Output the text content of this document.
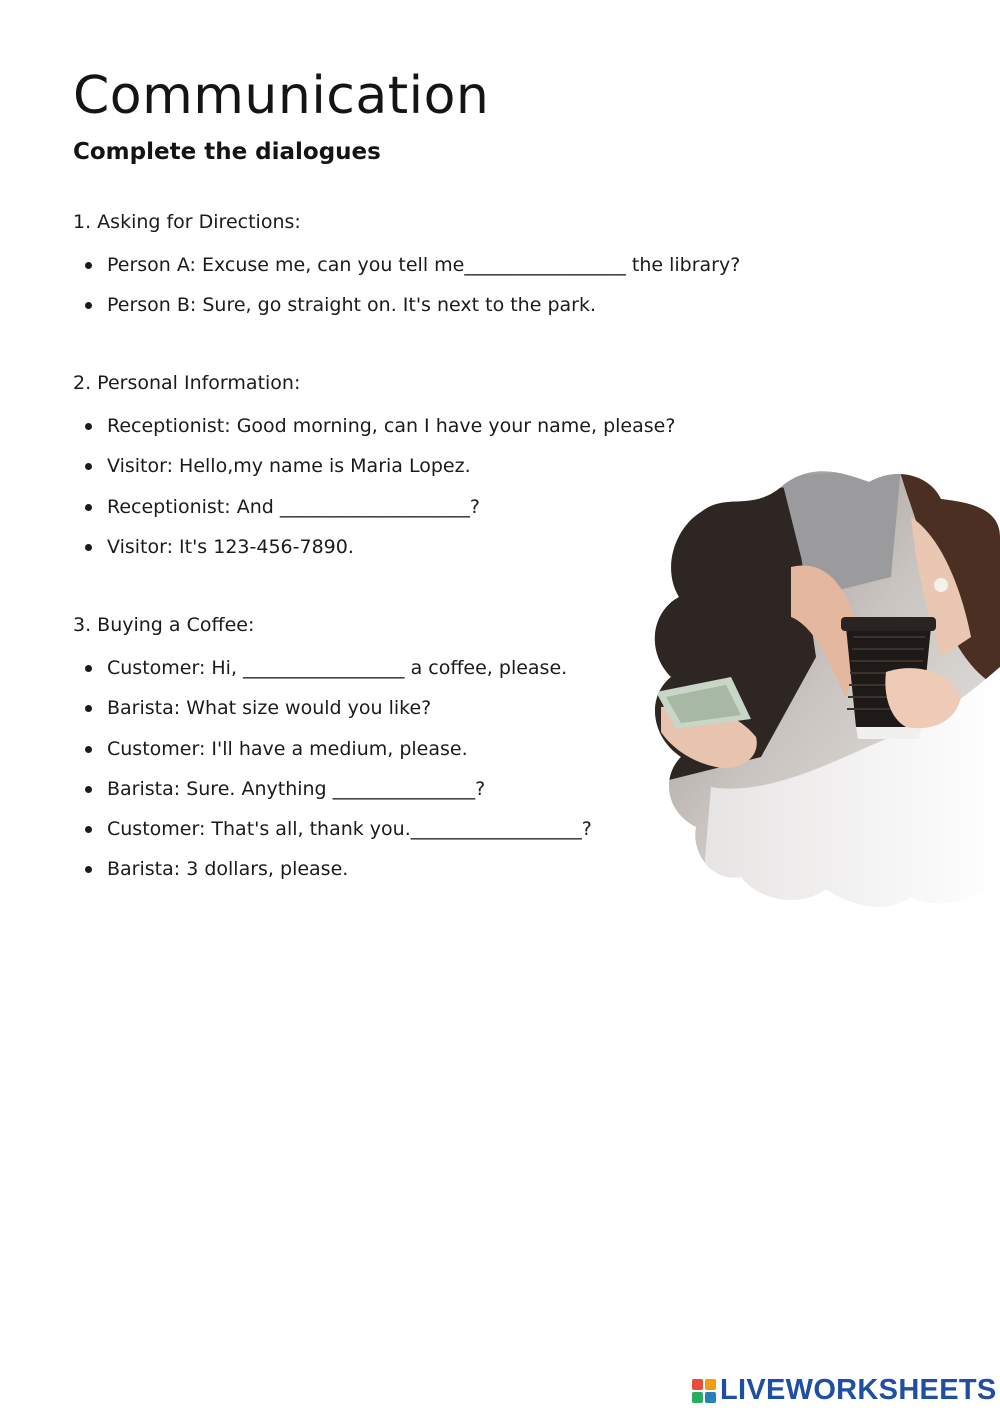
Communication
Complete the dialogues

1. Asking for Directions:

Person A: Excuse me, can you tell me_________________ the library?
Person B: Sure, go straight on. It's next to the park.

2. Personal Information:

Receptionist: Good morning, can I have your name, please?
Visitor: Hello,my name is Maria Lopez.
Receptionist: And ____________________?
Visitor: It's 123-456-7890.

3. Buying a Coffee:

Customer: Hi, _________________ a coffee, please.
Barista: What size would you like?
Customer: I'll have a medium, please.
Barista: Sure. Anything _______________?
Customer: That's all, thank you.__________________?
Barista: 3 dollars, please.
LIVEWORKSHEETS
